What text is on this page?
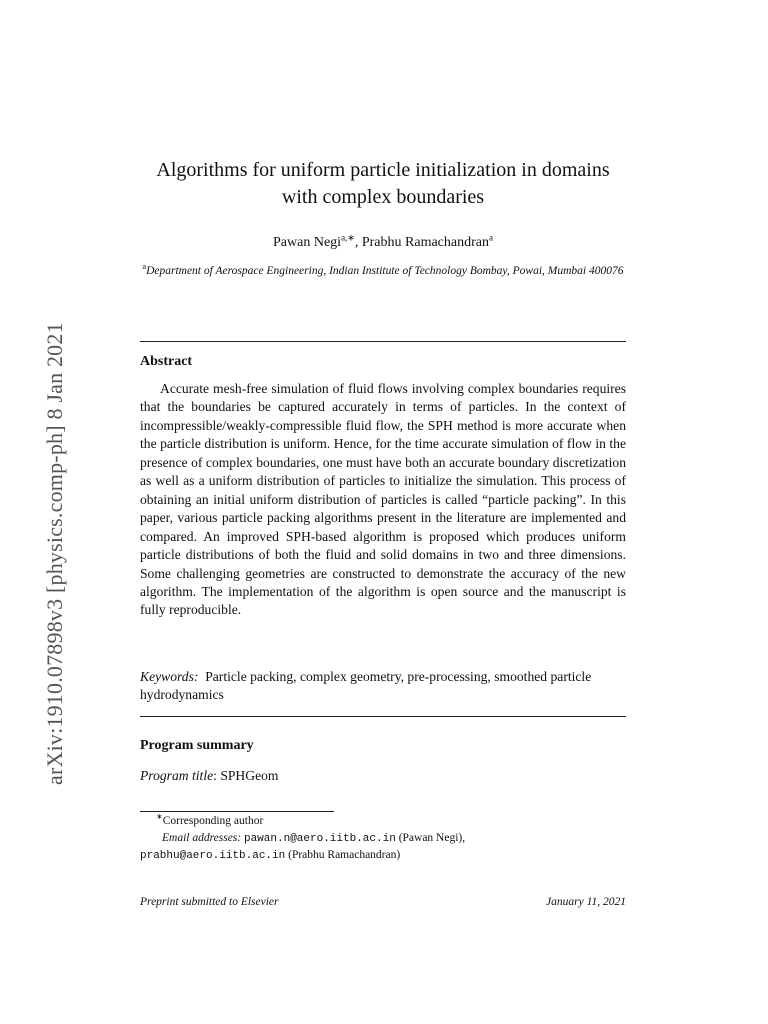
arXiv:1910.07898v3 [physics.comp-ph] 8 Jan 2021
Algorithms for uniform particle initialization in domains
with complex boundaries
Pawan Negi$^{a,∗}$, Prabhu Ramachandran$^a$
$^a$Department of Aerospace Engineering, Indian Institute of Technology Bombay, Powai, Mumbai 400076
Abstract

Accurate mesh-free simulation of fluid flows involving complex boundaries requires that the boundaries be captured accurately in terms of particles. In the context of incompressible/weakly-compressible fluid flow, the SPH method is more accurate when the particle distribution is uniform. Hence, for the time accurate simulation of flow in the presence of complex boundaries, one must have both an accurate boundary discretization as well as a uniform distribution of particles to initialize the simulation. This process of obtaining an initial uniform distribution of particles is called “particle packing”. In this paper, various particle packing algorithms present in the literature are implemented and compared. An improved SPH-based algorithm is proposed which produces uniform particle distributions of both the fluid and solid domains in two and three dimensions. Some challenging geometries are constructed to demonstrate the accuracy of the new algorithm. The implementation of the algorithm is open source and the manuscript is fully reproducible.

Keywords: Particle packing, complex geometry, pre-processing, smoothed particle hydrodynamics

Program summary
Program title: SPHGeom
∗Corresponding author
Email addresses: pawan.n@aero.iitb.ac.in (Pawan Negi),
prabhu@aero.iitb.ac.in (Prabhu Ramachandran)
Preprint submitted to Elsevier	January 11, 2021
